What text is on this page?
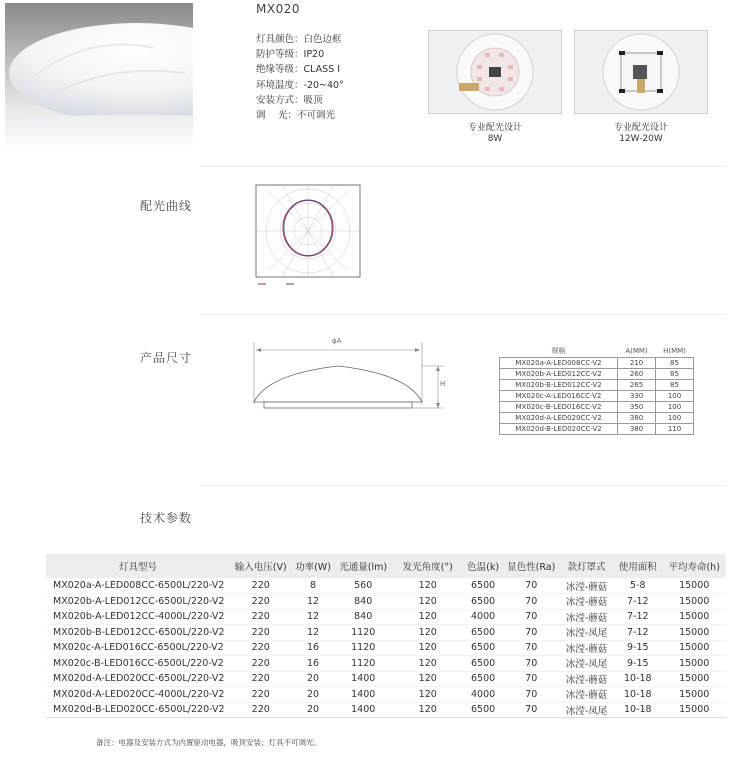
MX020
灯具颜色：白色边框
防护等级：IP20
绝缘等级：CLASS I
环境温度：-20~40°
安装方式：吸顶
调　 光：不可调光
专业配光设计
8W
专业配光设计
12W-20W
配光曲线
产品尺寸
φA
H
规格	A(MM)	H(MM)
MX020a-A-LED008CC-V2	210	85
MX020b-A-LED012CC-V2	260	85
MX020b-B-LED012CC-V2	265	85
MX020c-A-LED016CC-V2	330	100
MX020c-B-LED016CC-V2	350	100
MX020d-A-LED020CC-V2	380	100
MX020d-B-LED020CC-V2	380	110
技术参数
灯具型号	输入电压(V)	功率(W)	光通量(lm)	发光角度(°)	色温(k)	显色性(Ra)	款灯罩式	使用面积	平均寿命(h)
MX020a-A-LED008CC-6500L/220-V2	220	8	560	120	6500	70	冰滢-蘑菇	5-8	15000
MX020b-A-LED012CC-6500L/220-V2	220	12	840	120	6500	70	冰滢-蘑菇	7-12	15000
MX020b-A-LED012CC-4000L/220-V2	220	12	840	120	4000	70	冰滢-蘑菇	7-12	15000
MX020b-B-LED012CC-6500L/220-V2	220	12	1120	120	6500	70	冰滢-凤尾	7-12	15000
MX020c-A-LED016CC-6500L/220-V2	220	16	1120	120	6500	70	冰滢-蘑菇	9-15	15000
MX020c-B-LED016CC-6500L/220-V2	220	16	1120	120	6500	70	冰滢-凤尾	9-15	15000
MX020d-A-LED020CC-6500L/220-V2	220	20	1400	120	6500	70	冰滢-蘑菇	10-18	15000
MX020d-A-LED020CC-4000L/220-V2	220	20	1400	120	4000	70	冰滢-蘑菇	10-18	15000
MX020d-B-LED020CC-6500L/220-V2	220	20	1400	120	6500	70	冰滢-凤尾	10-18	15000
备注：电器及安装方式为内置驱动电器，吸顶安装；灯具不可调光。
